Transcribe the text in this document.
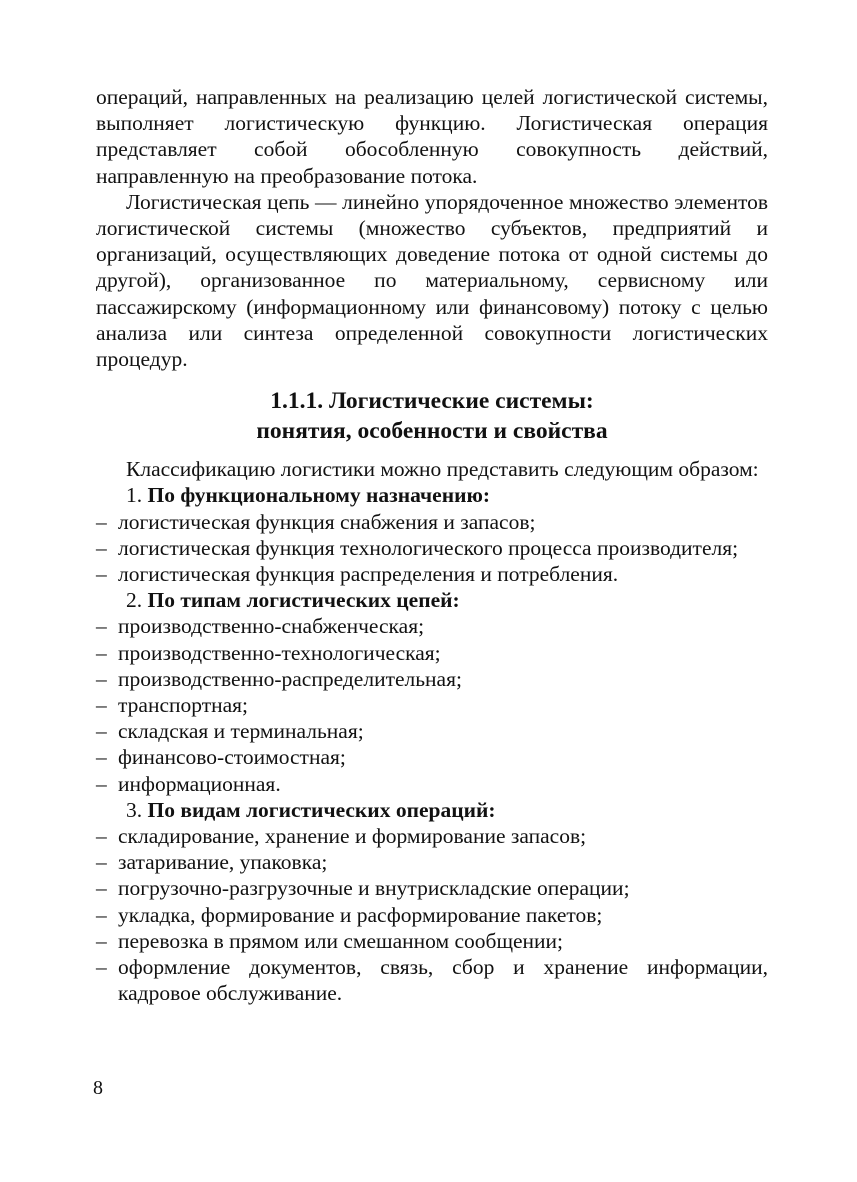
операций, направленных на реализацию целей логистической системы, выполняет логистическую функцию. Логистическая операция представляет собой обособленную совокупность действий, направленную на преобразование потока.

Логистическая цепь — линейно упорядоченное множество элементов логистической системы (множество субъектов, предприятий и организаций, осуществляющих доведение потока от одной системы до другой), организованное по материальному, сервисному или пассажирскому (информационному или финансовому) потоку с целью анализа или синтеза определенной совокупности логистических процедур.

1.1.1. Логистические системы:
понятия, особенности и свойства

Классификацию логистики можно представить следующим образом:

1. По функциональному назначению:

– логистическая функция снабжения и запасов;

– логистическая функция технологического процесса производителя;

– логистическая функция распределения и потребления.

2. По типам логистических цепей:

– производственно-снабженческая;

– производственно-технологическая;

– производственно-распределительная;

– транспортная;

– складская и терминальная;

– финансово-стоимостная;

– информационная.

3. По видам логистических операций:

– складирование, хранение и формирование запасов;

– затаривание, упаковка;

– погрузочно-разгрузочные и внутрискладские операции;

– укладка, формирование и расформирование пакетов;

– перевозка в прямом или смешанном сообщении;

– оформление документов, связь, сбор и хранение информации, кадровое обслуживание.

8
